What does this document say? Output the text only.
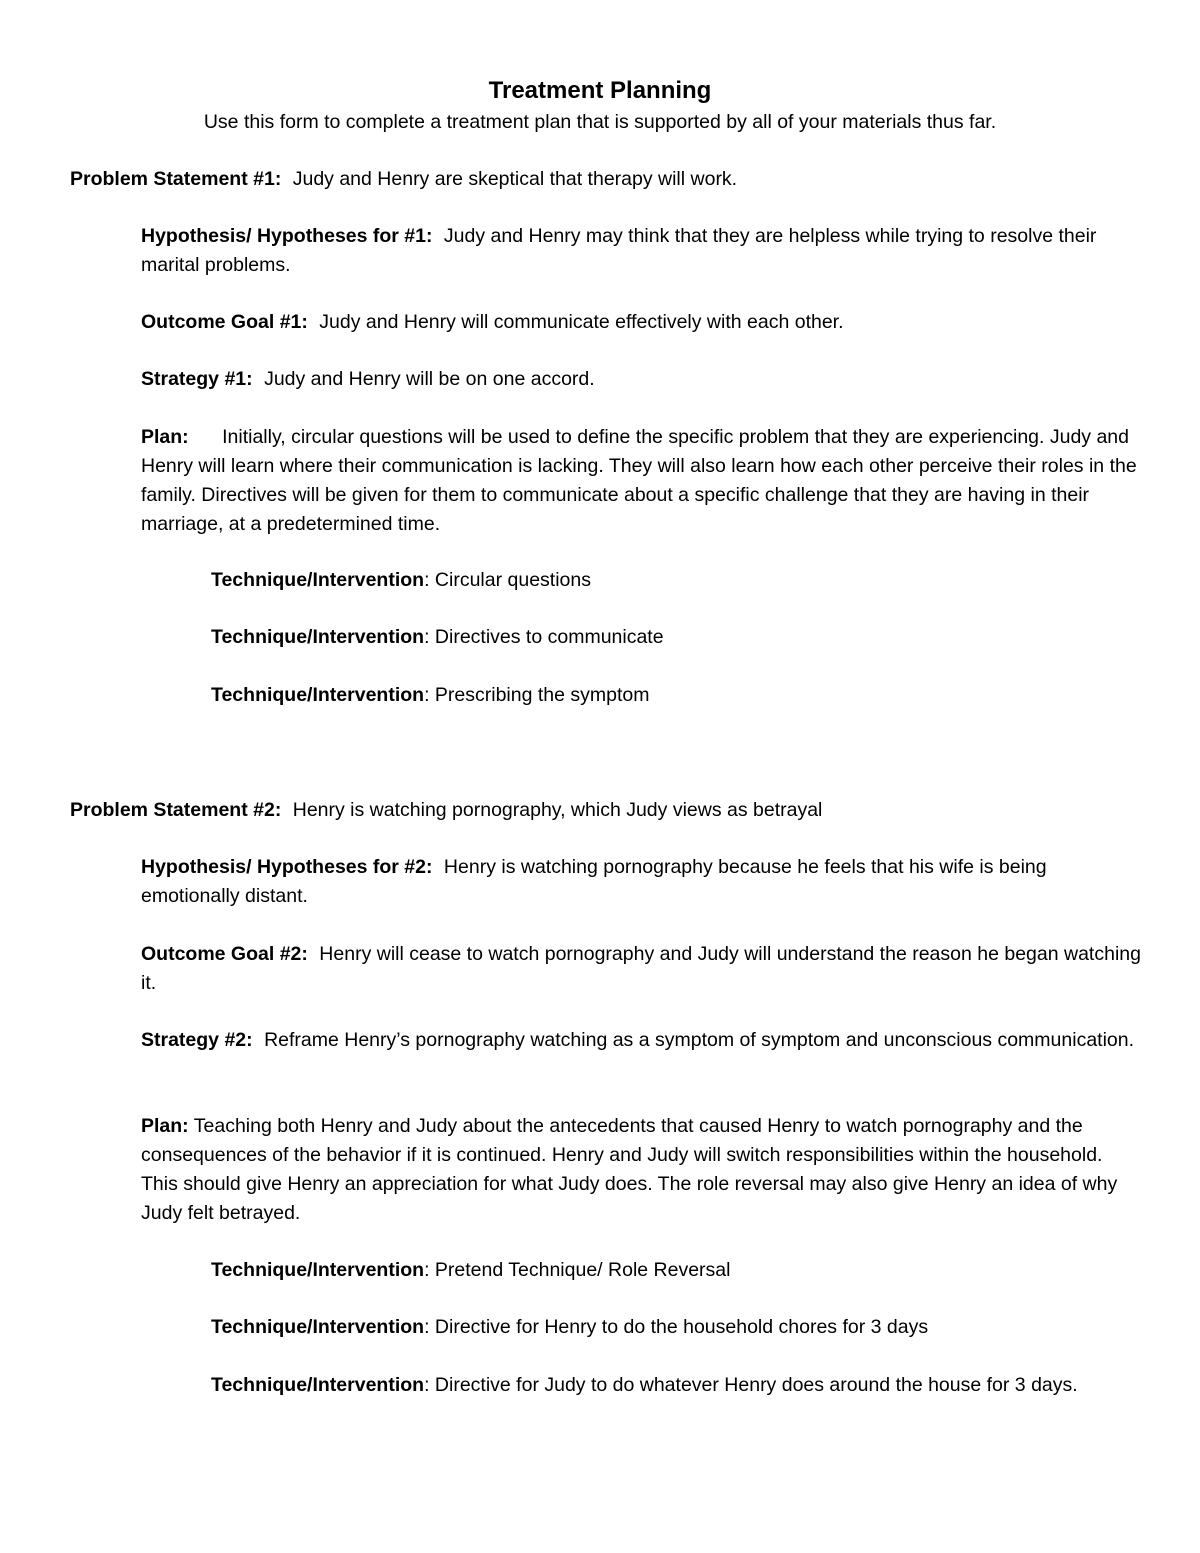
Treatment Planning
Use this form to complete a treatment plan that is supported by all of your materials thus far.

Problem Statement #1: Judy and Henry are skeptical that therapy will work.

Hypothesis/ Hypotheses for #1: Judy and Henry may think that they are helpless while trying to resolve their marital problems.

Outcome Goal #1: Judy and Henry will communicate effectively with each other.

Strategy #1: Judy and Henry will be on one accord.

Plan: Initially, circular questions will be used to define the specific problem that they are experiencing. Judy and Henry will learn where their communication is lacking. They will also learn how each other perceive their roles in the family. Directives will be given for them to communicate about a specific challenge that they are having in their marriage, at a predetermined time.

Technique/Intervention: Circular questions

Technique/Intervention: Directives to communicate

Technique/Intervention: Prescribing the symptom

Problem Statement #2: Henry is watching pornography, which Judy views as betrayal

Hypothesis/ Hypotheses for #2: Henry is watching pornography because he feels that his wife is being emotionally distant.

Outcome Goal #2: Henry will cease to watch pornography and Judy will understand the reason he began watching it.

Strategy #2: Reframe Henry’s pornography watching as a symptom of symptom and unconscious communication.

Plan: Teaching both Henry and Judy about the antecedents that caused Henry to watch pornography and the consequences of the behavior if it is continued. Henry and Judy will switch responsibilities within the household. This should give Henry an appreciation for what Judy does. The role reversal may also give Henry an idea of why Judy felt betrayed.

Technique/Intervention: Pretend Technique/ Role Reversal

Technique/Intervention: Directive for Henry to do the household chores for 3 days

Technique/Intervention: Directive for Judy to do whatever Henry does around the house for 3 days.
